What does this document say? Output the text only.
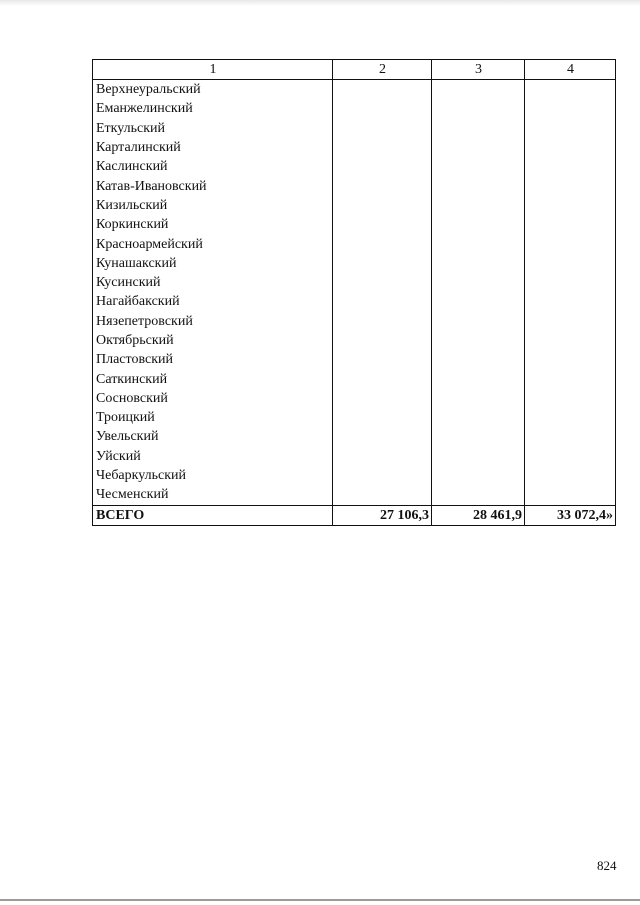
1	2	3	4
Верхнеуральский			
Еманжелинский			
Еткульский			
Карталинский			
Каслинский			
Катав-Ивановский			
Кизильский			
Коркинский			
Красноармейский			
Кунашакский			
Кусинский			
Нагайбакский			
Нязепетровский			
Октябрьский			
Пластовский			
Саткинский			
Сосновский			
Троицкий			
Увельский			
Уйский			
Чебаркульский			
Чесменский			
ВСЕГО	27 106,3	28 461,9	33 072,4»
824
